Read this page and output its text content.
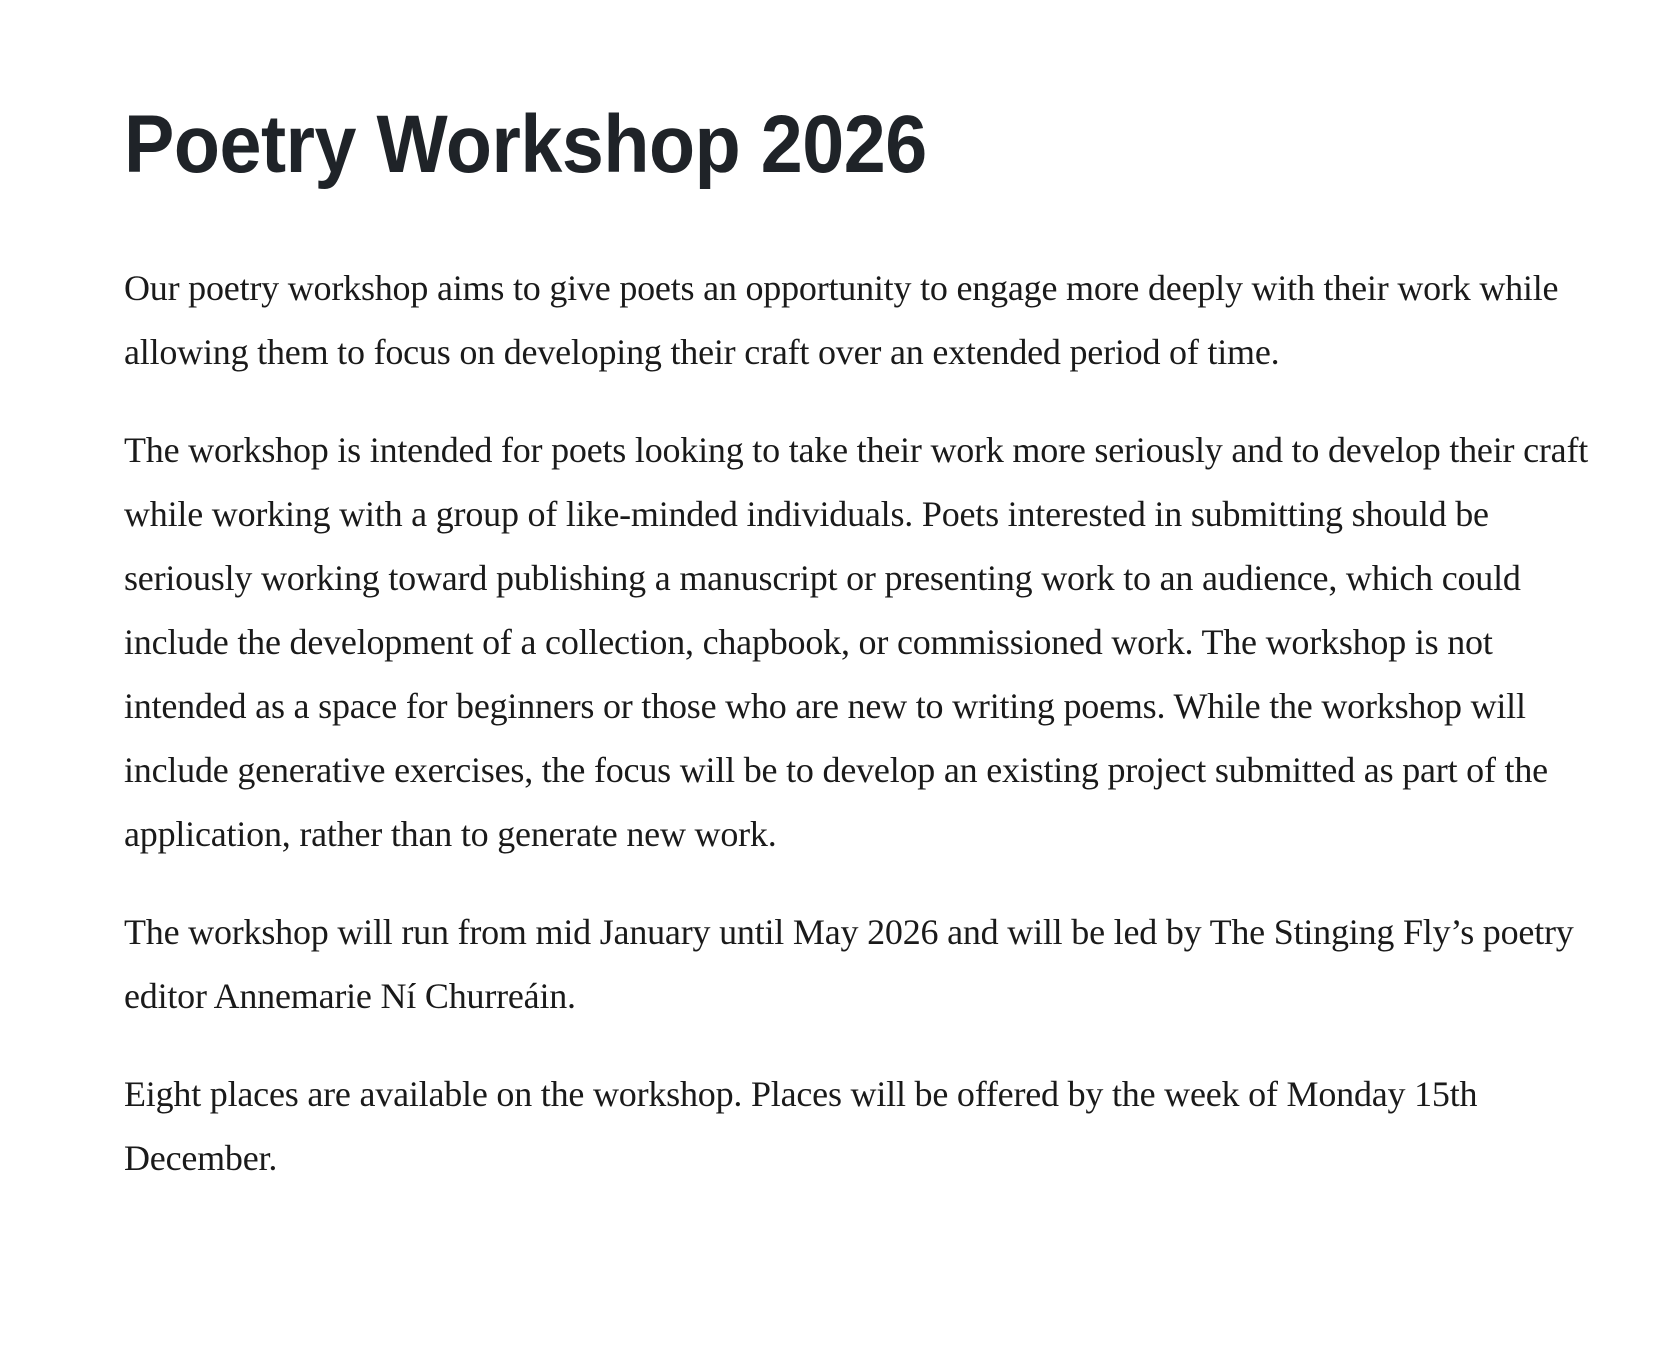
Poetry Workshop 2026

Our poetry workshop aims to give poets an opportunity to engage more deeply with their work while allowing them to focus on developing their craft over an extended period of time.

The workshop is intended for poets looking to take their work more seriously and to develop their craft while working with a group of like-minded individuals. Poets interested in submitting should be seriously working toward publishing a manuscript or presenting work to an audience, which could include the development of a collection, chapbook, or commissioned work. The workshop is not intended as a space for beginners or those who are new to writing poems. While the workshop will include generative exercises, the focus will be to develop an existing project submitted as part of the application, rather than to generate new work.

The workshop will run from mid January until May 2026 and will be led by The Stinging Fly’s poetry editor Annemarie Ní Churreáin.

Eight places are available on the workshop. Places will be offered by the week of Monday 15th December.
